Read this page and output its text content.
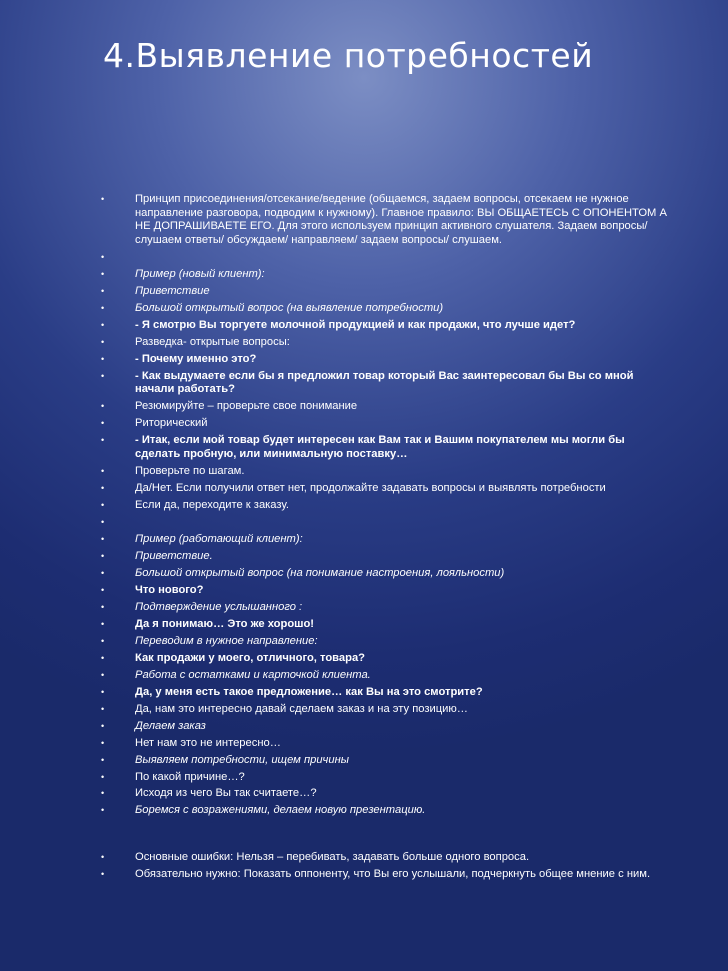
4.Выявление потребностей
•	Принцип присоединения/отсекание/ведение (общаемся, задаем вопросы, отсекаем не нужное направление разговора, подводим к нужному). Главное правило: ВЫ ОБЩАЕТЕСЬ С ОПОНЕНТОМ А НЕ ДОПРАШИВАЕТЕ ЕГО. Для этого используем принцип активного слушателя. Задаем вопросы/ слушаем ответы/ обсуждаем/ направляем/ задаем вопросы/ слушаем.
•
•	Пример (новый клиент):
•	Приветствие
•	Большой открытый вопрос (на выявление потребности)
•	- Я смотрю Вы торгуете молочной продукцией и как продажи, что лучше идет?
•	Разведка- открытые вопросы:
•	- Почему именно это?
•	- Как выдумаете если бы я предложил товар который Вас заинтересовал бы Вы со мной начали работать?
•	Резюмируйте – проверьте свое понимание
•	Риторический
•	- Итак, если мой товар будет интересен как Вам так и Вашим покупателем мы могли бы сделать пробную, или минимальную поставку…
•	Проверьте по шагам.
•	Да/Нет. Если получили ответ нет, продолжайте задавать вопросы и выявлять потребности
•	Если да, переходите к заказу.
•
•	Пример (работающий клиент):
•	Приветствие.
•	Большой открытый вопрос (на понимание настроения, лояльности)
•	Что нового?
•	Подтверждение услышанного :
•	Да я понимаю… Это же хорошо!
•	Переводим в нужное направление:
•	Как продажи у моего, отличного, товара?
•	Работа с остатками и карточкой клиента.
•	Да, у меня есть такое предложение… как Вы на это смотрите?
•	Да, нам это интересно давай сделаем заказ и на эту позицию…
•	Делаем заказ
•	Нет нам это не интересно…
•	Выявляем потребности, ищем причины
•	По какой причине…?
•	Исходя из чего Вы так считаете…?
•	Боремся с возражениями, делаем новую презентацию.
•	Основные ошибки: Нельзя – перебивать, задавать больше одного вопроса.
•	Обязательно нужно: Показать оппоненту, что Вы его услышали, подчеркнуть общее мнение с ним.
